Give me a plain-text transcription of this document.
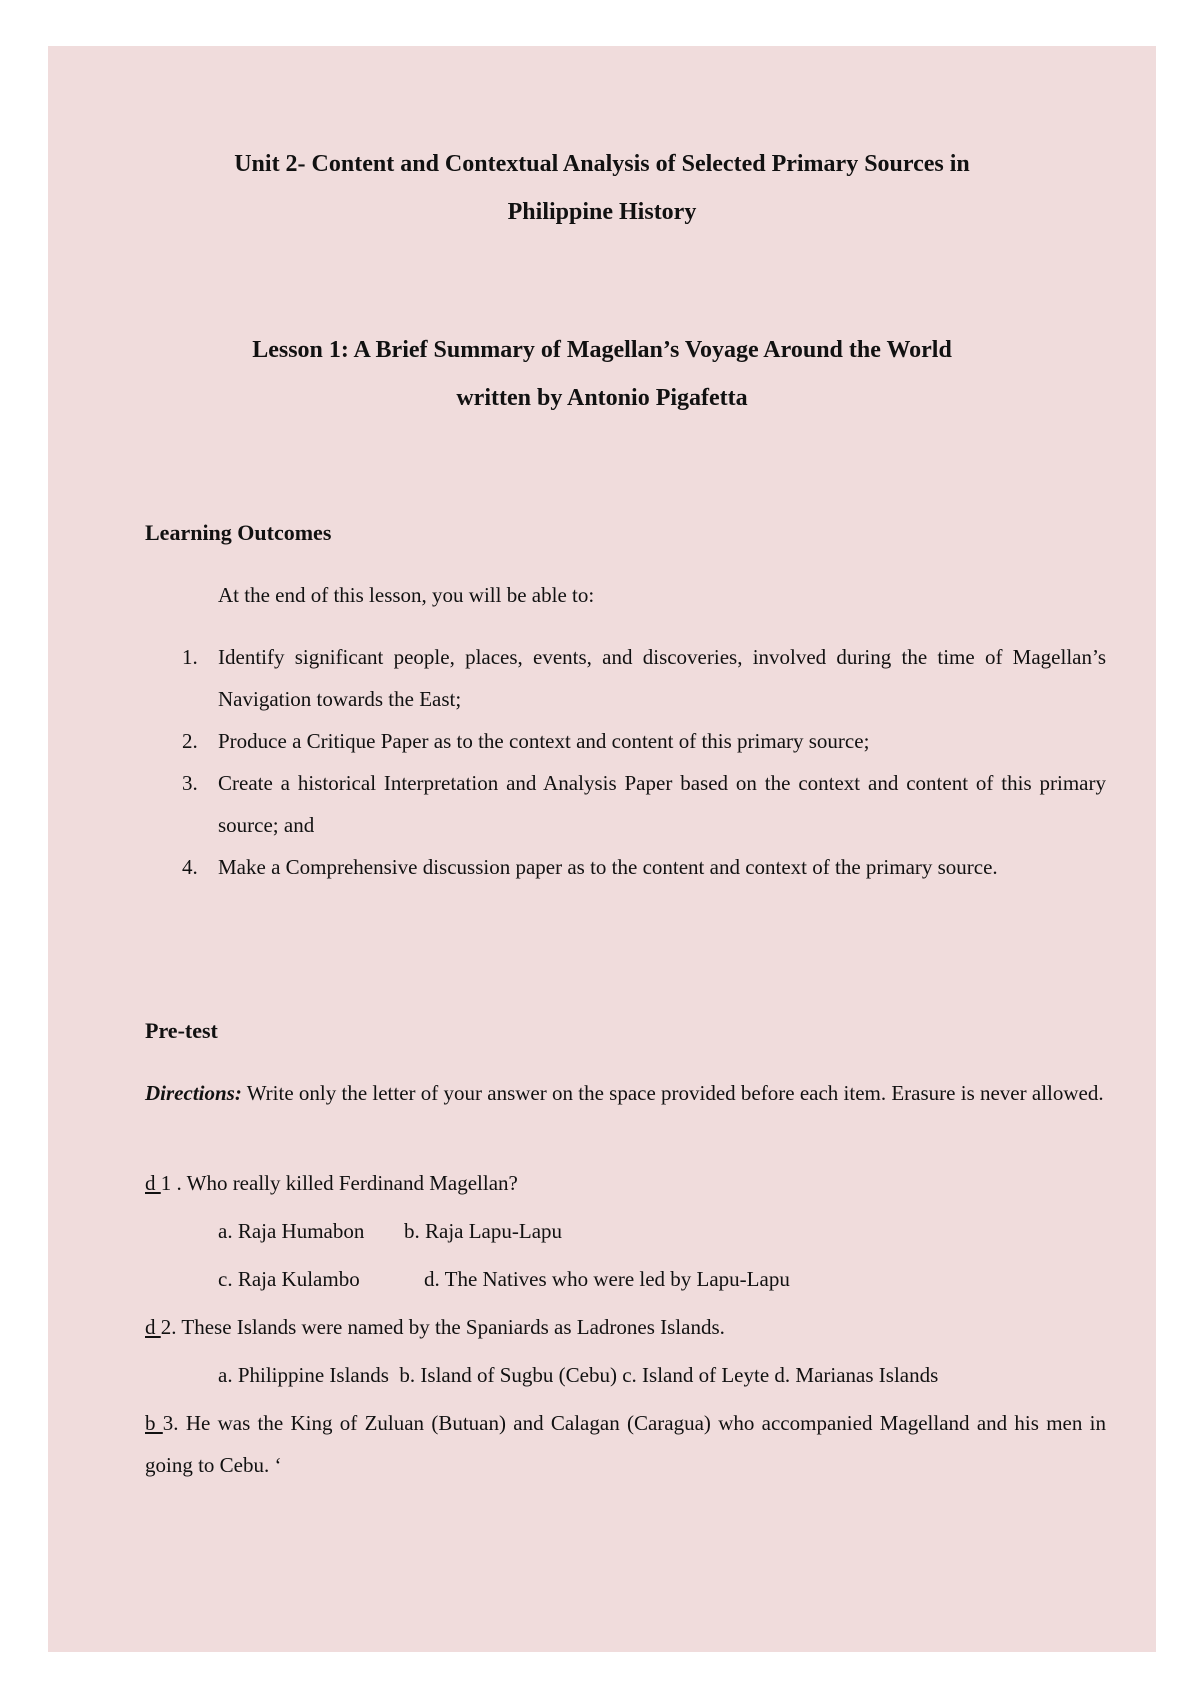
Unit 2- Content and Contextual Analysis of Selected Primary Sources in
Philippine History
Lesson 1: A Brief Summary of Magellan’s Voyage Around the World
written by Antonio Pigafetta
Learning Outcomes
At the end of this lesson, you will be able to:
1. Identify significant people, places, events, and discoveries, involved during the time of Magellan’s Navigation towards the East;
2. Produce a Critique Paper as to the context and content of this primary source;
3. Create a historical Interpretation and Analysis Paper based on the context and content of this primary source; and
4. Make a Comprehensive discussion paper as to the content and context of the primary source.
Pre-test
Directions: Write only the letter of your answer on the space provided before each item. Erasure is never allowed.
d 1 . Who really killed Ferdinand Magellan?
a. Raja Humabon b. Raja Lapu-Lapu
c. Raja Kulambo	d. The Natives who were led by Lapu-Lapu
d 2. These Islands were named by the Spaniards as Ladrones Islands.
a. Philippine Islands  b. Island of Sugbu (Cebu) c. Island of Leyte d. Marianas Islands
b 3. He was the King of Zuluan (Butuan) and Calagan (Caragua) who accompanied Magelland and his men in going to Cebu. ‘
